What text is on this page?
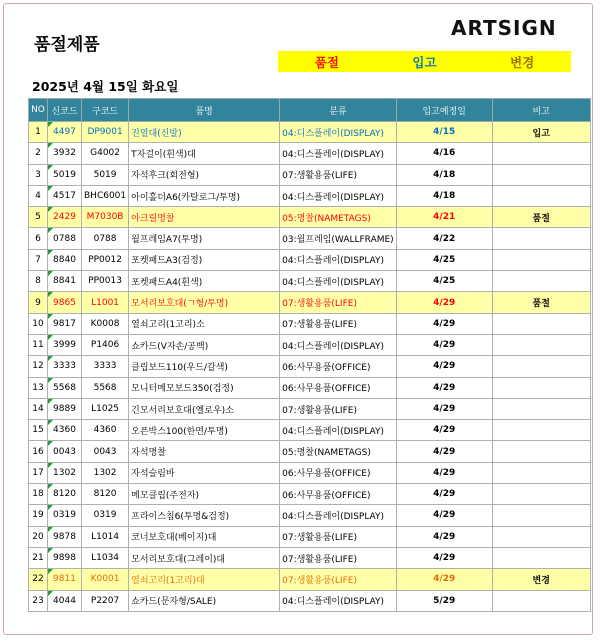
품절제품
ARTSIGN
품절	입고	변경
2025년 4월 15일 화요일
NO	신코드	구코드	품명	분류	입고예정일	비고
1	4497	DP9001	진열대(신발)	04:디스플레이(DISPLAY)	4/15	입고
2	3932	G4002	T자걸이(흰색)대	04:디스플레이(DISPLAY)	4/16	
3	5019	5019	자석후크(회전형)	07:생활용품(LIFE)	4/18	
4	4517	BHC6001	아이홀더A6(카탈로그/투명)	04:디스플레이(DISPLAY)	4/18	
5	2429	M7030B	아크릴명찰	05:명찰(NAMETAGS)	4/21	품절
6	0788	0788	월프레임A7(투명)	03:월프레임(WALLFRAME)	4/22	
7	8840	PP0012	포켓패드A3(검정)	04:디스플레이(DISPLAY)	4/25	
8	8841	PP0013	포켓패드A4(흰색)	04:디스플레이(DISPLAY)	4/25	
9	9865	L1001	모서리보호대(ㄱ형/투명)	07:생활용품(LIFE)	4/29	품절
10	9817	K0008	열쇠고리(1고리)소	07:생활용품(LIFE)	4/29	
11	3999	P1406	쇼카드(V자손/공백)	04:디스플레이(DISPLAY)	4/29	
12	3333	3333	클립보드110(우드/갈색)	06:사무용품(OFFICE)	4/29	
13	5568	5568	모니터메모보드350(검정)	06:사무용품(OFFICE)	4/29	
14	9889	L1025	긴모서리보호대(옐로우)소	07:생활용품(LIFE)	4/29	
15	4360	4360	오픈박스100(한면/투명)	04:디스플레이(DISPLAY)	4/29	
16	0043	0043	자석명찰	05:명찰(NAMETAGS)	4/29	
17	1302	1302	자석슬림바	06:사무용품(OFFICE)	4/29	
18	8120	8120	메모클립(주전자)	06:사무용품(OFFICE)	4/29	
19	0319	0319	프라이스칩6(투명&검정)	04:디스플레이(DISPLAY)	4/29	
20	9878	L1014	코너보호대(베이지)대	07:생활용품(LIFE)	4/29	
21	9898	L1034	모서리보호대(그레이)대	07:생활용품(LIFE)	4/29	
22	9811	K0001	열쇠고리(1고리)대	07:생활용품(LIFE)	4/29	변경
23	4044	P2207	쇼카드(문자형/SALE)	04:디스플레이(DISPLAY)	5/29	
